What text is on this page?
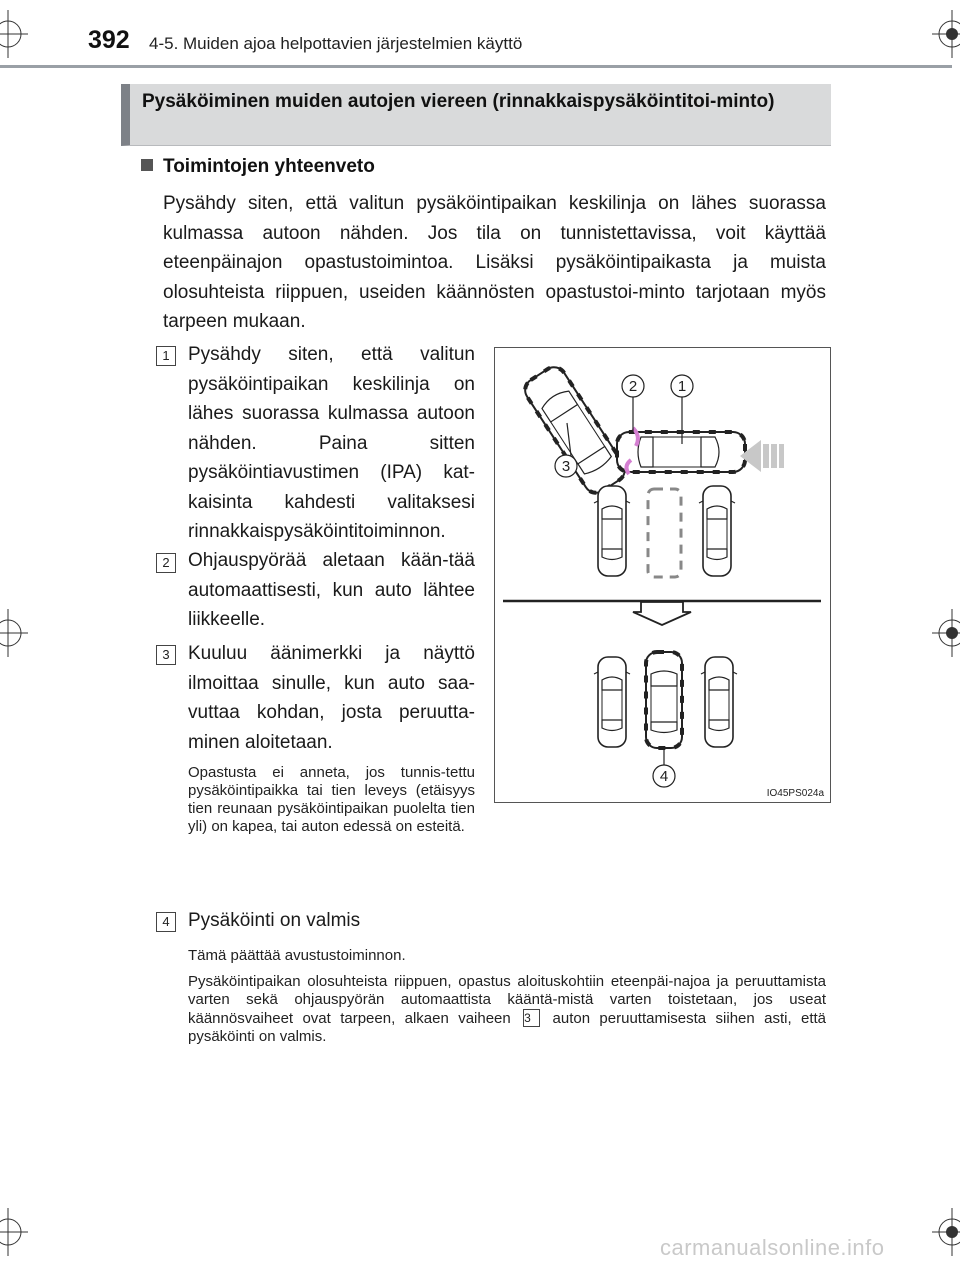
392 4-5. Muiden ajoa helpottavien järjestelmien käyttö
Pysäköiminen muiden autojen viereen (rinnakkaispysäköintitoi-minto)
Toimintojen yhteenveto
Pysähdy siten, että valitun pysäköintipaikan keskilinja on lähes suorassa kulmassa autoon nähden. Jos tila on tunnistettavissa, voit käyttää eteenpäinajon opastustoimintoa. Lisäksi pysäköintipaikasta ja muista olosuhteista riippuen, useiden käännösten opastustoi-minto tarjotaan myös tarpeen mukaan.
1 Pysähdy siten, että valitun pysäköintipaikan keskilinja on lähes suorassa kulmassa autoon nähden. Paina sitten pysäköintiavustimen (IPA) kat-kaisinta kahdesti valitaksesi rinnakkaispysäköintitoiminnon.
2 Ohjauspyörää aletaan kään-tää automaattisesti, kun auto lähtee liikkeelle.
3 Kuuluu äänimerkki ja näyttö ilmoittaa sinulle, kun auto saa-vuttaa kohdan, josta peruutta-minen aloitetaan.
Opastusta ei anneta, jos tunnis-tettu pysäköintipaikka tai tien leveys (etäisyys tien reunaan pysäköintipaikan puolelta tien yli) on kapea, tai auton edessä on esteitä.
4 Pysäköinti on valmis
Tämä päättää avustustoiminnon.
Pysäköintipaikan olosuhteista riippuen, opastus aloituskohtiin eteenpäi-najoa ja peruuttamista varten sekä ohjauspyörän automaattista kääntä-mistä varten toistetaan, jos useat käännösvaiheet ovat tarpeen, alkaen vaiheen 3 auton peruuttamisesta siihen asti, että pysäköinti on valmis.
2	1
3
4
IO45PS024a
carmanualsonline.info
